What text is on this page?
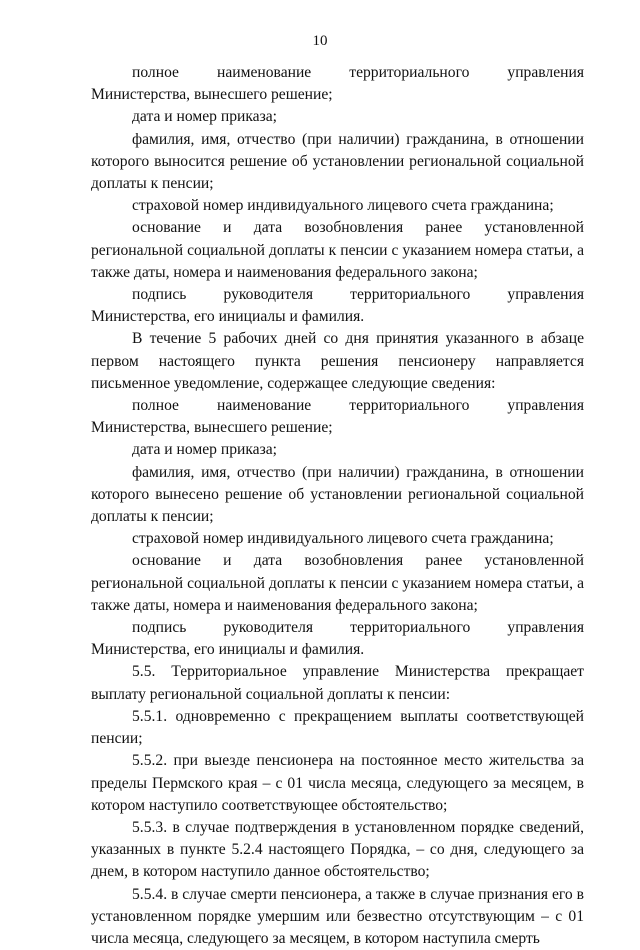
10

полное наименование территориального управления Министерства, вынесшего решение;

дата и номер приказа;

фамилия, имя, отчество (при наличии) гражданина, в отношении которого выносится решение об установлении региональной социальной доплаты к пенсии;

страховой номер индивидуального лицевого счета гражданина;

основание и дата возобновления ранее установленной региональной социальной доплаты к пенсии с указанием номера статьи, а также даты, номера и наименования федерального закона;

подпись руководителя территориального управления Министерства, его инициалы и фамилия.

В течение 5 рабочих дней со дня принятия указанного в абзаце первом настоящего пункта решения пенсионеру направляется письменное уведомление, содержащее следующие сведения:

полное наименование территориального управления Министерства, вынесшего решение;

дата и номер приказа;

фамилия, имя, отчество (при наличии) гражданина, в отношении которого вынесено решение об установлении региональной социальной доплаты к пенсии;

страховой номер индивидуального лицевого счета гражданина;

основание и дата возобновления ранее установленной региональной социальной доплаты к пенсии с указанием номера статьи, а также даты, номера и наименования федерального закона;

подпись руководителя территориального управления Министерства, его инициалы и фамилия.

5.5. Территориальное управление Министерства прекращает выплату региональной социальной доплаты к пенсии:

5.5.1. одновременно с прекращением выплаты соответствующей пенсии;

5.5.2. при выезде пенсионера на постоянное место жительства за пределы Пермского края – с 01 числа месяца, следующего за месяцем, в котором наступило соответствующее обстоятельство;

5.5.3. в случае подтверждения в установленном порядке сведений, указанных в пункте 5.2.4 настоящего Порядка, – со дня, следующего за днем, в котором наступило данное обстоятельство;

5.5.4. в случае смерти пенсионера, а также в случае признания его в установленном порядке умершим или безвестно отсутствующим – с 01 числа месяца, следующего за месяцем, в котором наступила смерть
